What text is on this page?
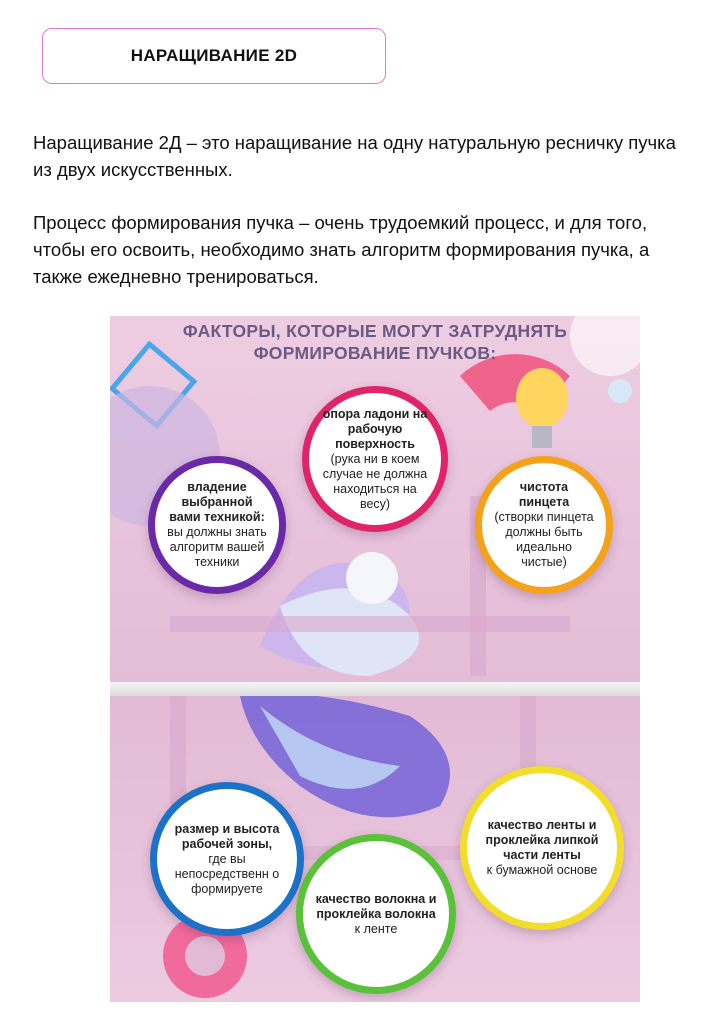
НАРАЩИВАНИЕ 2D

Наращивание 2Д – это наращивание на одну натуральную ресничку пучка из двух искусственных.

Процесс формирования пучка – очень трудоемкий процесс, и для того, чтобы его освоить, необходимо знать алгоритм формирования пучка, а также ежедневно тренироваться.

ФАКТОРЫ, КОТОРЫЕ МОГУТ ЗАТРУДНЯТЬ
ФОРМИРОВАНИЕ ПУЧКОВ:
владение выбранной вами техникой:
вы должны знать алгоритм вашей техники
опора ладони на рабочую поверхность
(рука ни в коем случае не должна находиться на весу)
чистота пинцета
(створки пинцета должны быть идеально чистые)
размер и высота рабочей зоны,
где вы непосредственн о формируете
качество волокна и проклейка волокна
к ленте
качество ленты и проклейка липкой части ленты
к бумажной основе
